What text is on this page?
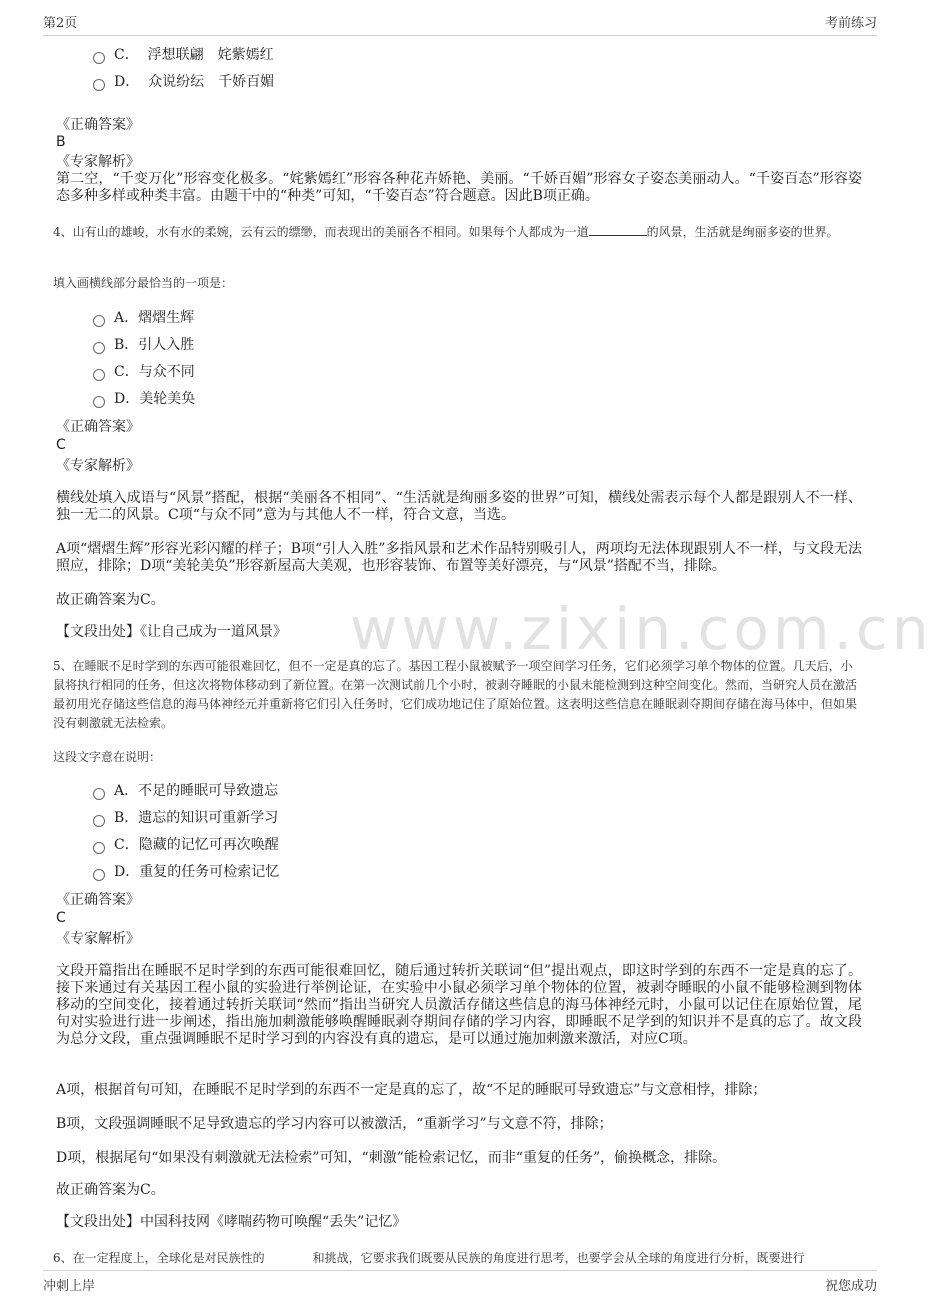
第2页	考前练习
www.zixin.com.cn
C．
浮想联翩　姹紫嫣红
D．
众说纷纭　千娇百媚
《正确答案》
B
《专家解析》
第二空，“千变万化”形容变化极多。“姹紫嫣红”形容各种花卉娇艳、美丽。“千娇百媚”形容女子姿态美丽动人。“千姿百态”形容姿态多种多样或种类丰富。由题干中的“种类”可知，“千姿百态”符合题意。因此B项正确。
4、山有山的雄峻，水有水的柔婉，云有云的缥缈，而表现出的美丽各不相同。如果每个人都成为一道	的风景，生活就是绚丽多姿的世界。
填入画横线部分最恰当的一项是：
A． 熠熠生辉
B． 引人入胜
C． 与众不同
D． 美轮美奂
《正确答案》
C
《专家解析》
横线处填入成语与“风景”搭配，根据“美丽各不相同”、“生活就是绚丽多姿的世界”可知，横线处需表示每个人都是跟别人不一样、独一无二的风景。C项“与众不同”意为与其他人不一样，符合文意，当选。
A项“熠熠生辉”形容光彩闪耀的样子；B项“引人入胜”多指风景和艺术作品特别吸引人，两项均无法体现跟别人不一样，与文段无法照应，排除；D项“美轮美奂”形容新屋高大美观，也形容装饰、布置等美好漂亮，与“风景”搭配不当，排除。
故正确答案为C。
【文段出处】《让自己成为一道风景》
5、在睡眠不足时学到的东西可能很难回忆，但不一定是真的忘了。基因工程小鼠被赋予一项空间学习任务，它们必须学习单个物体的位置。几天后，小鼠将执行相同的任务，但这次将物体移动到了新位置。在第一次测试前几个小时，被剥夺睡眠的小鼠未能检测到这种空间变化。然而，当研究人员在激活最初用光存储这些信息的海马体神经元并重新将它们引入任务时，它们成功地记住了原始位置。这表明这些信息在睡眠剥夺期间存储在海马体中，但如果没有刺激就无法检索。
这段文字意在说明：
A． 不足的睡眠可导致遗忘
B． 遗忘的知识可重新学习
C． 隐藏的记忆可再次唤醒
D． 重复的任务可检索记忆
《正确答案》
C
《专家解析》
文段开篇指出在睡眠不足时学到的东西可能很难回忆，随后通过转折关联词“但”提出观点，即这时学到的东西不一定是真的忘了。接下来通过有关基因工程小鼠的实验进行举例论证，在实验中小鼠必须学习单个物体的位置，被剥夺睡眠的小鼠不能够检测到物体移动的空间变化，接着通过转折关联词“然而”指出当研究人员激活存储这些信息的海马体神经元时，小鼠可以记住在原始位置，尾句对实验进行进一步阐述，指出施加刺激能够唤醒睡眠剥夺期间存储的学习内容，即睡眠不足学到的知识并不是真的忘了。故文段为总分文段，重点强调睡眠不足时学习到的内容没有真的遗忘，是可以通过施加刺激来激活，对应C项。
A项，根据首句可知，在睡眠不足时学到的东西不一定是真的忘了，故“不足的睡眠可导致遗忘”与文意相悖，排除；
B项，文段强调睡眠不足导致遗忘的学习内容可以被激活，“重新学习”与文意不符，排除；
D项，根据尾句“如果没有刺激就无法检索”可知，“刺激”能检索记忆，而非“重复的任务”，偷换概念，排除。
故正确答案为C。
【文段出处】中国科技网《哮喘药物可唤醒“丢失”记忆》
6、在一定程度上，全球化是对民族性的　　　　和挑战，它要求我们既要从民族的角度进行思考，也要学会从全球的角度进行分析，既要进行
冲刺上岸	祝您成功
